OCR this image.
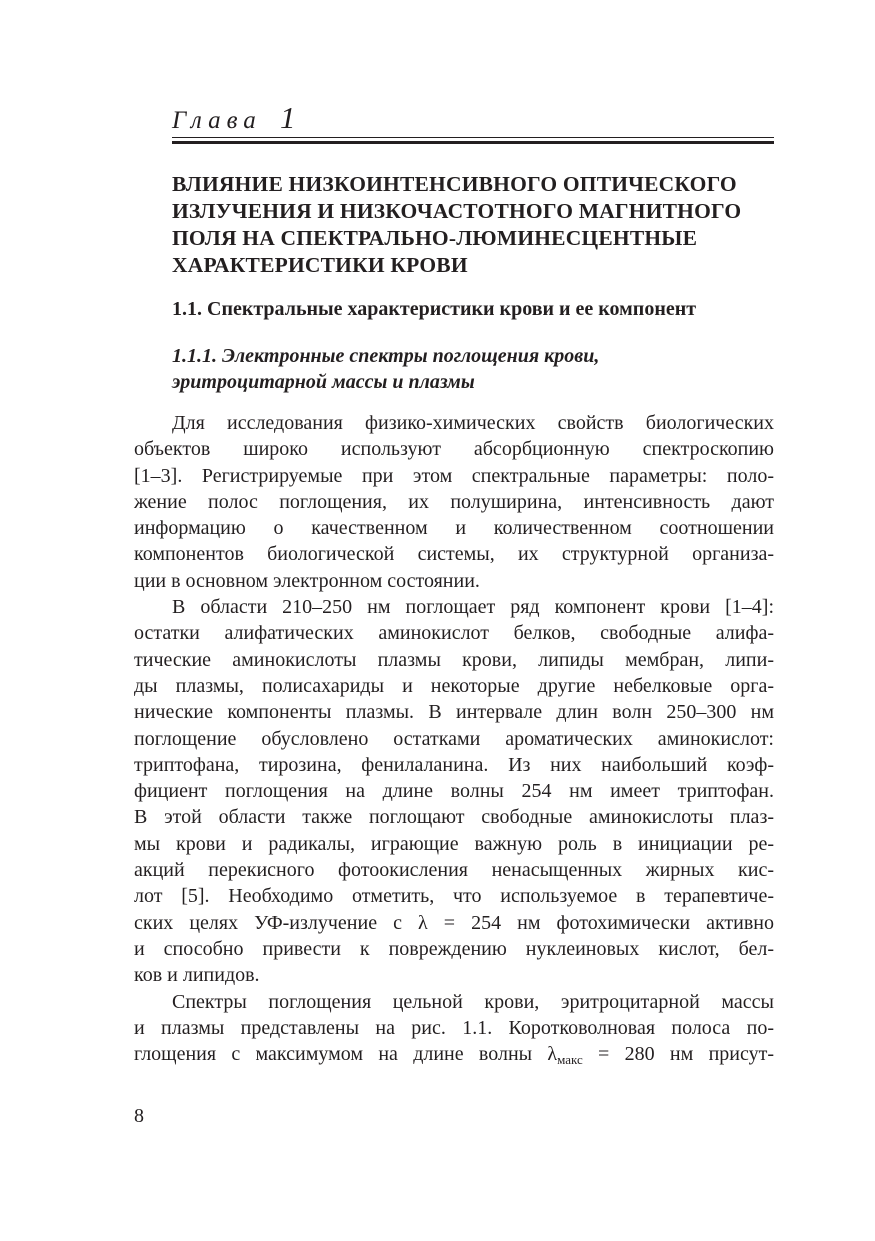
Глава 1
ВЛИЯНИЕ НИЗКОИНТЕНСИВНОГО ОПТИЧЕСКОГО
ИЗЛУЧЕНИЯ И НИЗКОЧАСТОТНОГО МАГНИТНОГО
ПОЛЯ НА СПЕКТРАЛЬНО-ЛЮМИНЕСЦЕНТНЫЕ
ХАРАКТЕРИСТИКИ КРОВИ
1.1. Спектральные характеристики крови и ее компонент
1.1.1. Электронные спектры поглощения крови,
эритроцитарной массы и плазмы

Для исследования физико-химических свойств биологических
объектов широко используют абсорбционную спектроскопию
[1–3]. Регистрируемые при этом спектральные параметры: поло-
жение полос поглощения, их полуширина, интенсивность дают
информацию о качественном и количественном соотношении
компонентов биологической системы, их структурной организа-
ции в основном электронном состоянии.

В области 210–250 нм поглощает ряд компонент крови [1–4]:
остатки алифатических аминокислот белков, свободные алифа-
тические аминокислоты плазмы крови, липиды мембран, липи-
ды плазмы, полисахариды и некоторые другие небелковые орга-
нические компоненты плазмы. В интервале длин волн 250–300 нм
поглощение обусловлено остатками ароматических аминокислот:
триптофана, тирозина, фенилаланина. Из них наибольший коэф-
фициент поглощения на длине волны 254 нм имеет триптофан.
В этой области также поглощают свободные аминокислоты плаз-
мы крови и радикалы, играющие важную роль в инициации ре-
акций перекисного фотоокисления ненасыщенных жирных кис-
лот [5]. Необходимо отметить, что используемое в терапевтиче-
ских целях УФ-излучение с λ = 254 нм фотохимически активно
и способно привести к повреждению нуклеиновых кислот, бел-
ков и липидов.

Спектры поглощения цельной крови, эритроцитарной массы
и плазмы представлены на рис. 1.1. Коротковолновая полоса по-
глощения с максимумом на длине волны $\lambda_{макс} = 280$ нм присут-

8
